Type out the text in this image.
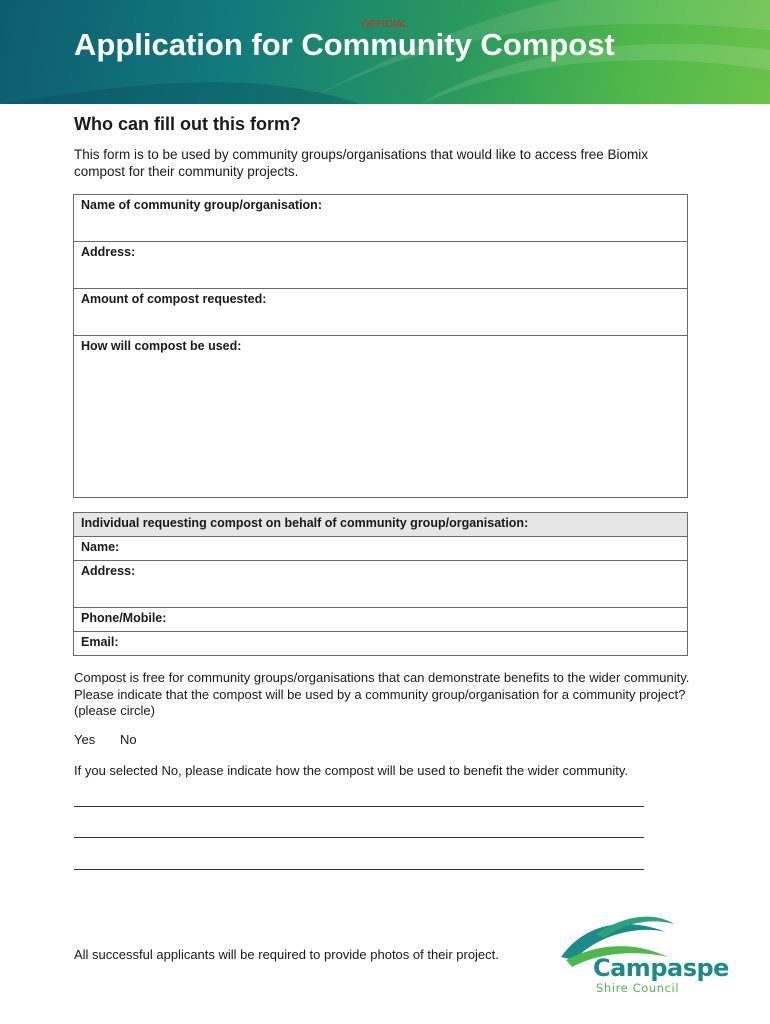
OFFICIAL
Application for Community Compost
Who can fill out this form?

This form is to be used by community groups/organisations that would like to access free Biomix compost for their community projects.

Name of community group/organisation:
Address:
Amount of compost requested:
How will compost be used:
Individual requesting compost on behalf of community group/organisation:
Name:
Address:
Phone/Mobile:
Email:

Compost is free for community groups/organisations that can demonstrate benefits to the wider community. Please indicate that the compost will be used by a community group/organisation for a community project? (please circle)

Yes No

If you selected No, please indicate how the compost will be used to benefit the wider community.

All successful applicants will be required to provide photos of their project.	Campaspe
Shire Council
